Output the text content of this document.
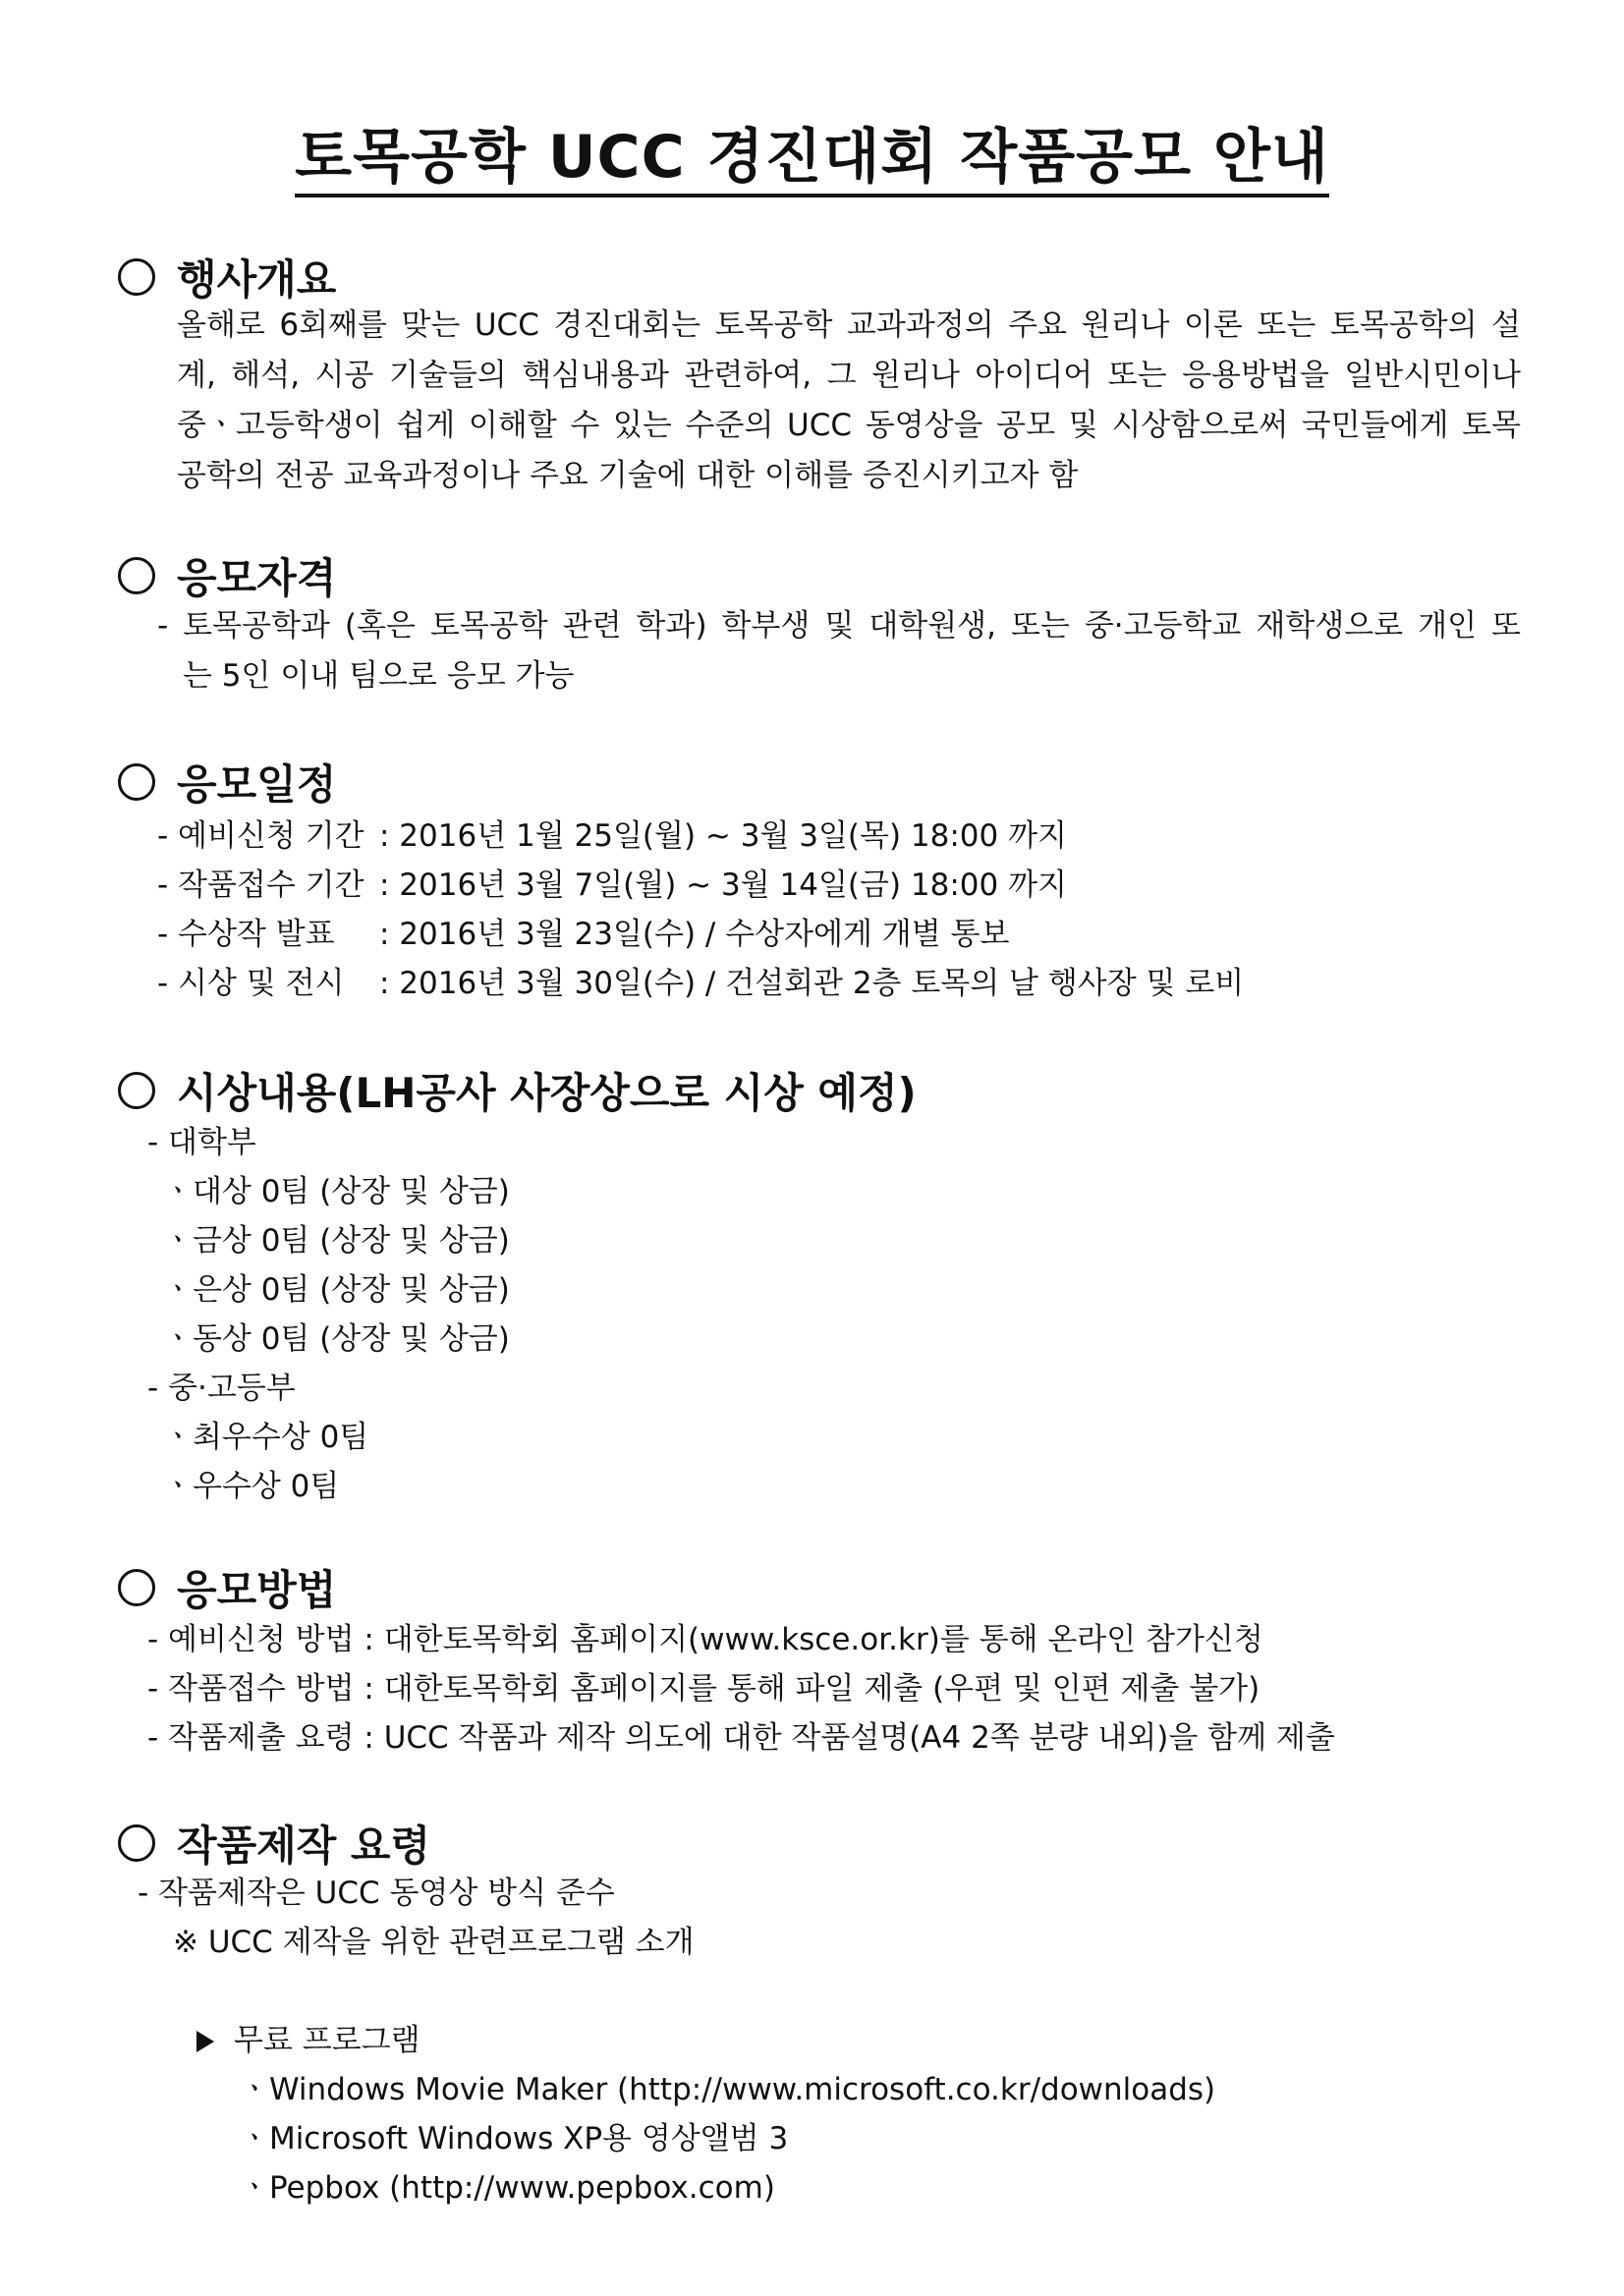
토목공학 UCC 경진대회 작품공모 안내
행사개요
올해로 6회째를 맞는 UCC 경진대회는 토목공학 교과과정의 주요 원리나 이론 또는 토목공학의 설
계, 해석, 시공 기술들의 핵심내용과 관련하여, 그 원리나 아이디어 또는 응용방법을 일반시민이나
중ㆍ고등학생이 쉽게 이해할 수 있는 수준의 UCC 동영상을 공모 및 시상함으로써 국민들에게 토목
공학의 전공 교육과정이나 주요 기술에 대한 이해를 증진시키고자 함
응모자격
- 토목공학과 (혹은 토목공학 관련 학과) 학부생 및 대학원생, 또는 중·고등학교 재학생으로 개인 또
는 5인 이내 팀으로 응모 가능
응모일정
- 예비신청 기간 : 2016년 1월 25일(월) ~ 3월 3일(목) 18:00 까지
- 작품접수 기간 : 2016년 3월 7일(월) ~ 3월 14일(금) 18:00 까지
- 수상작 발표 : 2016년 3월 23일(수) / 수상자에게 개별 통보
- 시상 및 전시 : 2016년 3월 30일(수) / 건설회관 2층 토목의 날 행사장 및 로비
시상내용(LH공사 사장상으로 시상 예정)
- 대학부
ㆍ대상 0팀 (상장 및 상금)
ㆍ금상 0팀 (상장 및 상금)
ㆍ은상 0팀 (상장 및 상금)
ㆍ동상 0팀 (상장 및 상금)
- 중·고등부
ㆍ최우수상 0팀
ㆍ우수상 0팀
응모방법
- 예비신청 방법 : 대한토목학회 홈페이지(www.ksce.or.kr)를 통해 온라인 참가신청
- 작품접수 방법 : 대한토목학회 홈페이지를 통해 파일 제출 (우편 및 인편 제출 불가)
- 작품제출 요령 : UCC 작품과 제작 의도에 대한 작품설명(A4 2쪽 분량 내외)을 함께 제출
작품제작 요령
- 작품제작은 UCC 동영상 방식 준수
※ UCC 제작을 위한 관련프로그램 소개
무료 프로그램
ㆍWindows Movie Maker (http://www.microsoft.co.kr/downloads)
ㆍMicrosoft Windows XP용 영상앨범 3
ㆍPepbox (http://www.pepbox.com)
